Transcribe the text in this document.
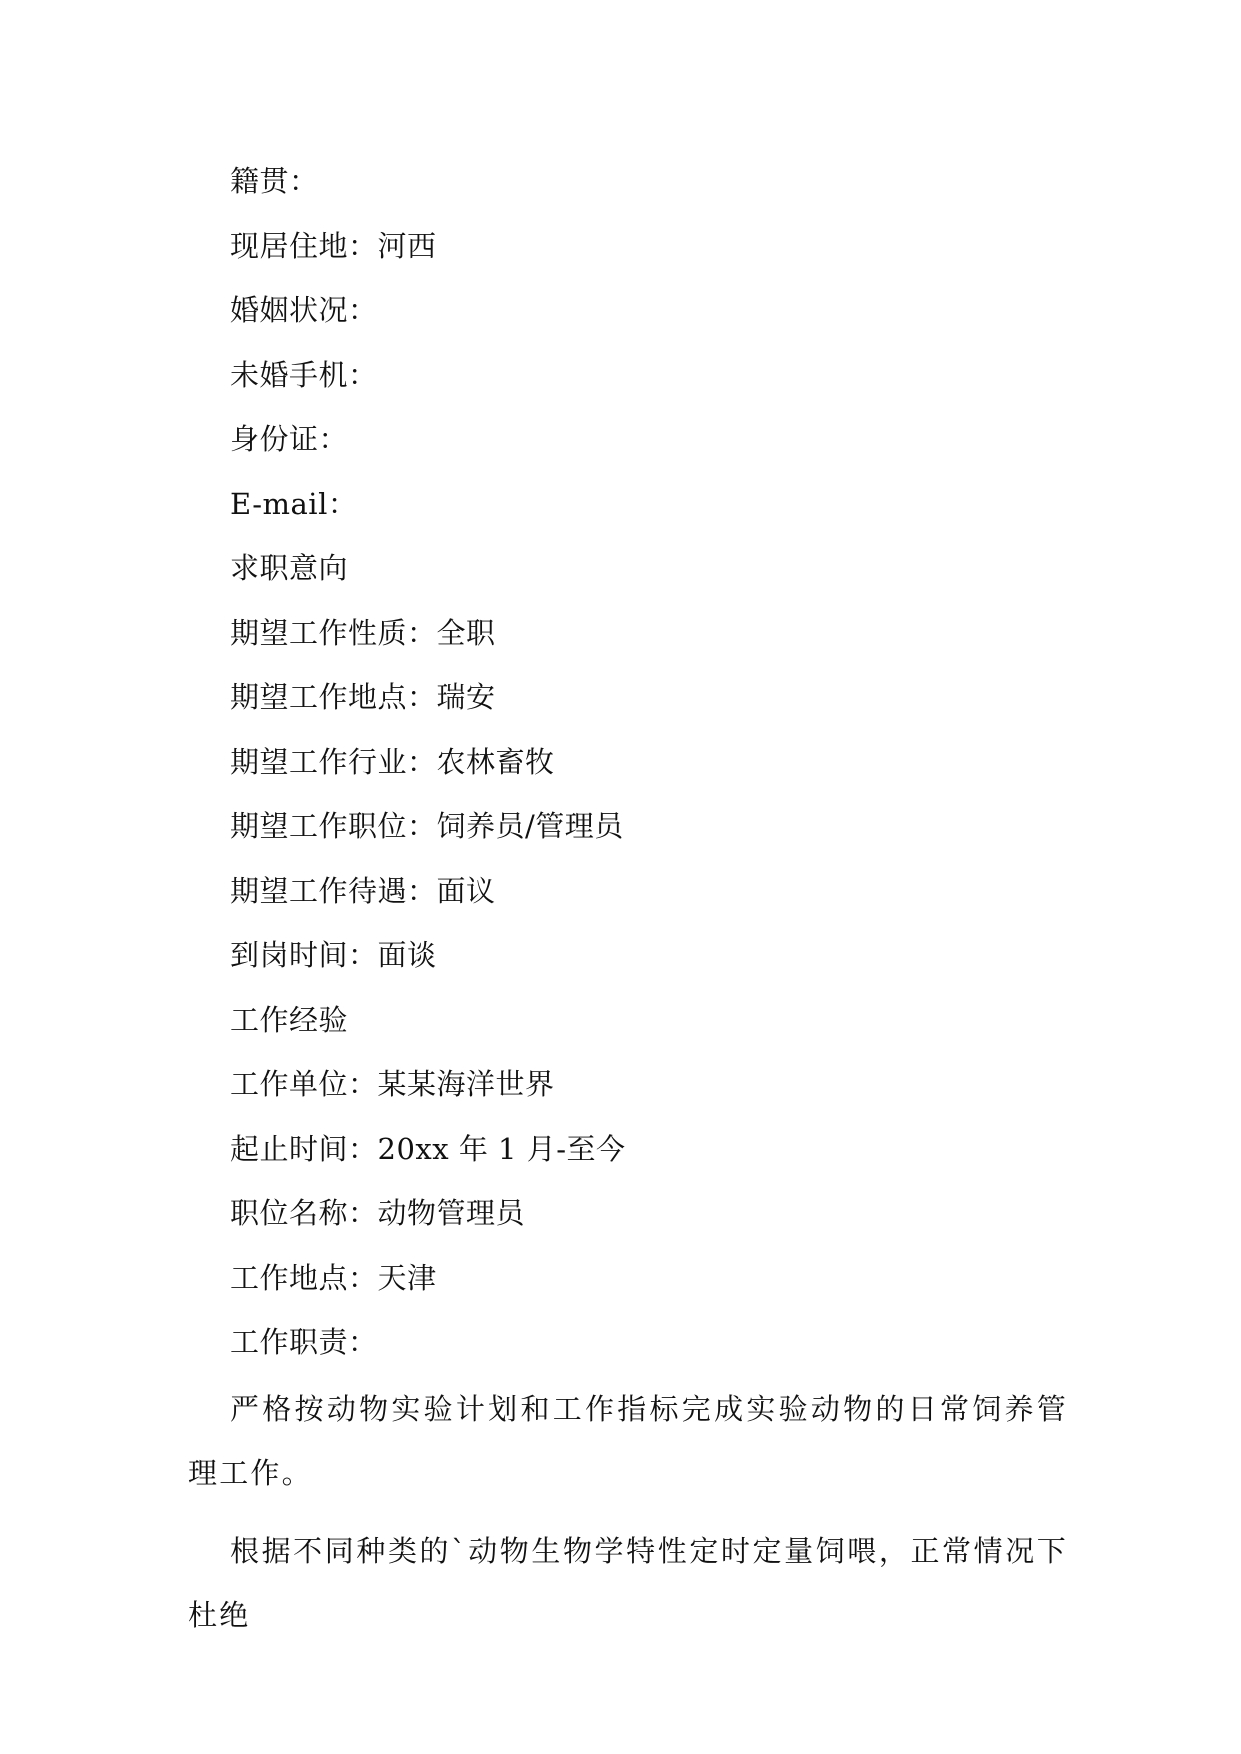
籍贯：
现居住地：河西
婚姻状况：
未婚手机：
身份证：
E-mail：
求职意向
期望工作性质：全职
期望工作地点：瑞安
期望工作行业：农林畜牧
期望工作职位：饲养员/管理员
期望工作待遇：面议
到岗时间：面谈
工作经验
工作单位：某某海洋世界
起止时间：20xx 年 1 月-至今
职位名称：动物管理员
工作地点：天津
工作职责：
严格按动物实验计划和工作指标完成实验动物的日常饲养管理工作。
根据不同种类的`动物生物学特性定时定量饲喂，正常情况下杜绝
